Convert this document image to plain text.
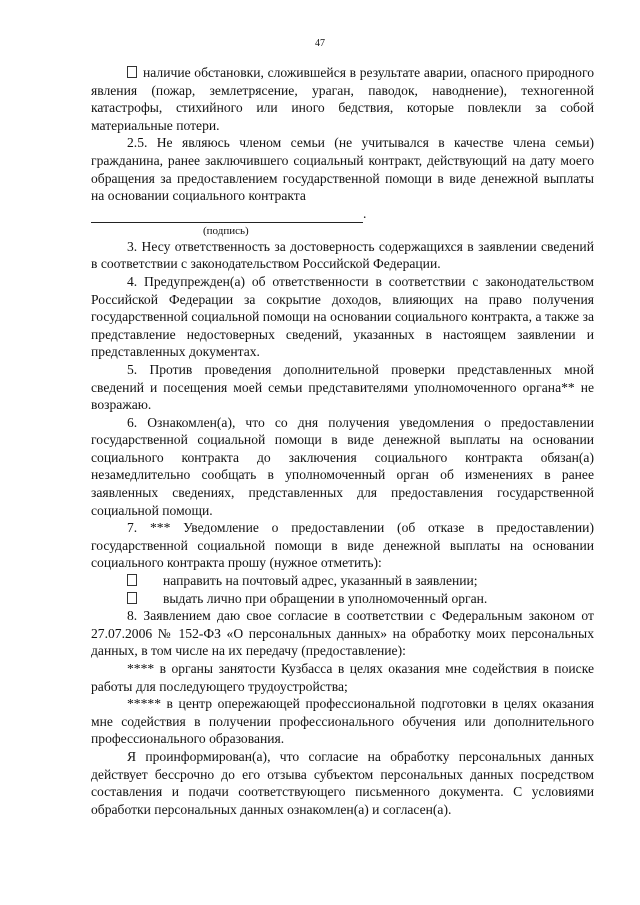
47

наличие обстановки, сложившейся в результате аварии, опасного природного явления (пожар, землетрясение, ураган, паводок, наводнение), техногенной катастрофы, стихийного или иного бедствия, которые повлекли за собой материальные потери.

2.5. Не являюсь членом семьи (не учитывался в качестве члена семьи) гражданина, ранее заключившего социальный контракт, действующий на дату моего обращения за предоставлением государственной помощи в виде денежной выплаты на основании социального контракта

.
(подпись)

3. Несу ответственность за достоверность содержащихся в заявлении сведений в соответствии с законодательством Российской Федерации.

4. Предупрежден(а) об ответственности в соответствии с законодательством Российской Федерации за сокрытие доходов, влияющих на право получения государственной социальной помощи на основании социального контракта, а также за представление недостоверных сведений, указанных в настоящем заявлении и представленных документах.

5. Против проведения дополнительной проверки представленных мной сведений и посещения моей семьи представителями уполномоченного органа** не возражаю.

6. Ознакомлен(а), что со дня получения уведомления о предоставлении государственной социальной помощи в виде денежной выплаты на основании социального контракта до заключения социального контракта обязан(а) незамедлительно сообщать в уполномоченный орган об изменениях в ранее заявленных сведениях, представленных для предоставления государственной социальной помощи.

7. *** Уведомление о предоставлении (об отказе в предоставлении) государственной социальной помощи в виде денежной выплаты на основании социального контракта прошу (нужное отметить):

направить на почтовый адрес, указанный в заявлении;

выдать лично при обращении в уполномоченный орган.

8. Заявлением даю свое согласие в соответствии с Федеральным законом от 27.07.2006 № 152-ФЗ «О персональных данных» на обработку моих персональных данных, в том числе на их передачу (предоставление):

**** в органы занятости Кузбасса в целях оказания мне содействия в поиске работы для последующего трудоустройства;

***** в центр опережающей профессиональной подготовки в целях оказания мне содействия в получении профессионального обучения или дополнительного профессионального образования.

Я проинформирован(а), что согласие на обработку персональных данных действует бессрочно до его отзыва субъектом персональных данных посредством составления и подачи соответствующего письменного документа. С условиями обработки персональных данных ознакомлен(а) и согласен(а).
